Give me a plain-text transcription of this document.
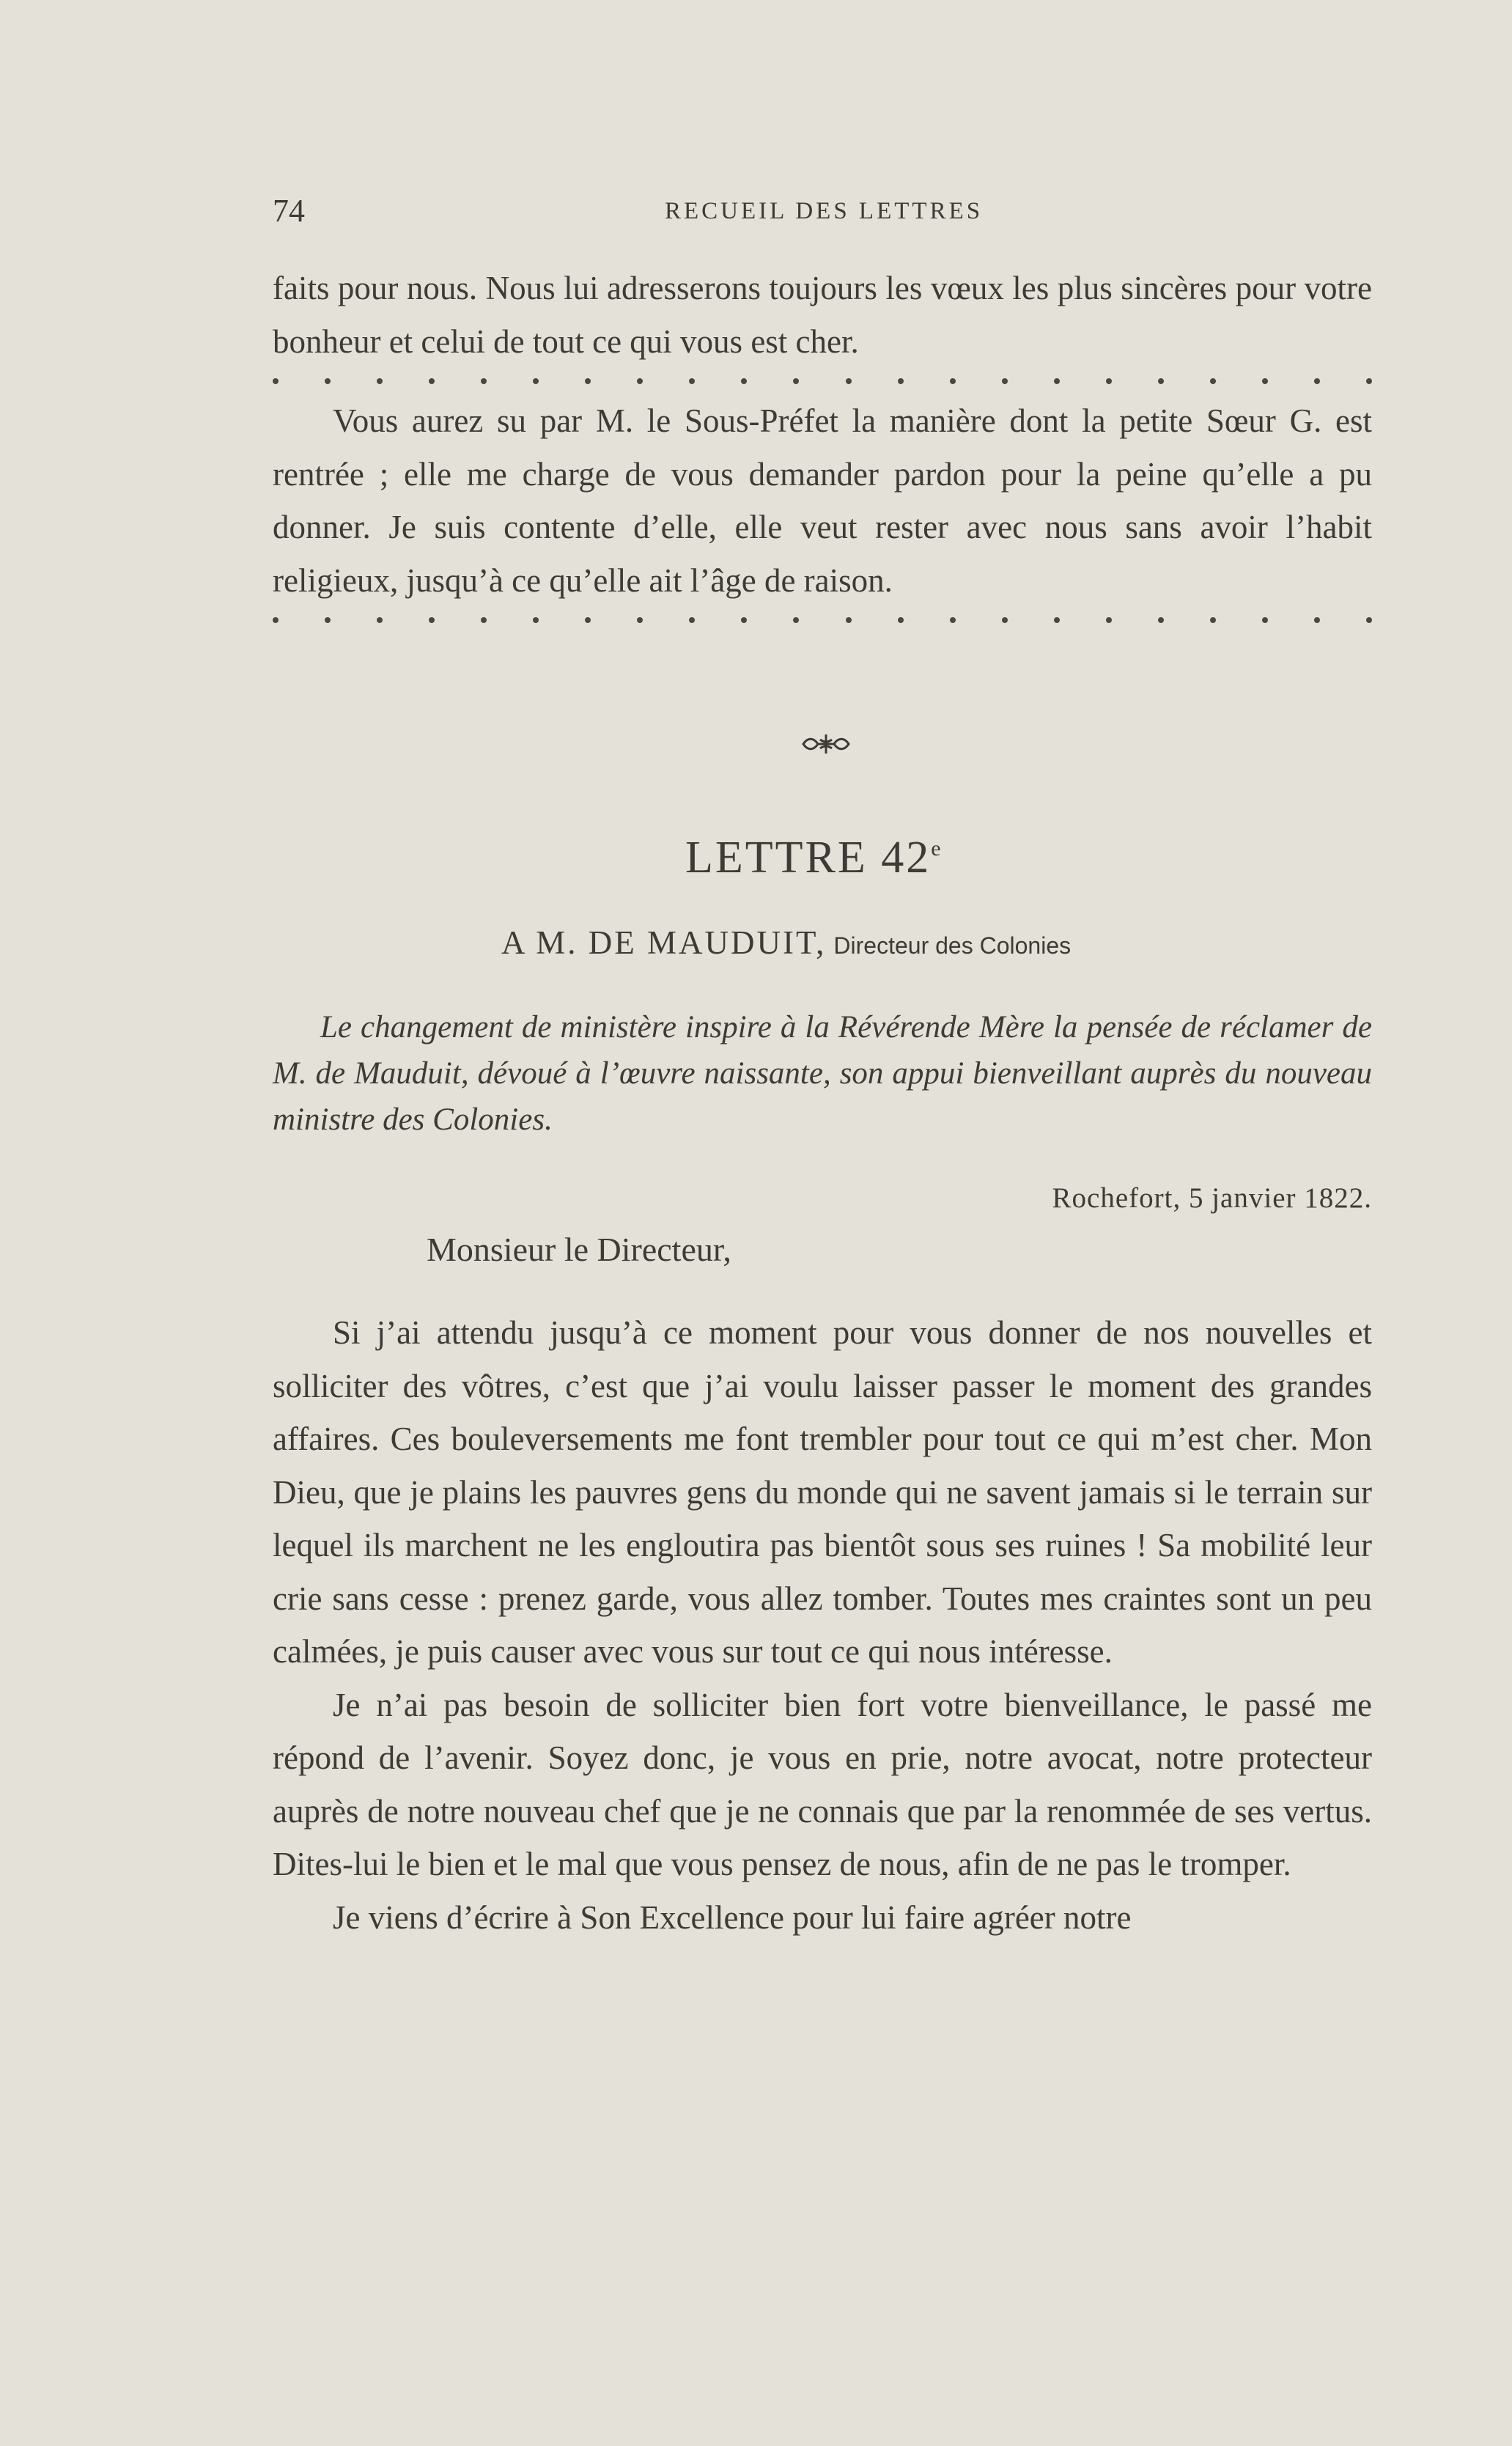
74	RECUEIL DES LETTRES

faits pour nous. Nous lui adresserons toujours les vœux les plus sincères pour votre bonheur et celui de tout ce qui vous est cher.

Vous aurez su par M. le Sous-Préfet la manière dont la petite Sœur G. est rentrée ; elle me charge de vous demander pardon pour la peine qu’elle a pu donner. Je suis contente d’elle, elle veut rester avec nous sans avoir l’habit religieux, jusqu’à ce qu’elle ait l’âge de raison.

LETTRE 42e
A M. DE MAUDUIT, Directeur des Colonies

Le changement de ministère inspire à la Révérende Mère la pensée de réclamer de M. de Mauduit, dévoué à l’œuvre naissante, son appui bienveillant auprès du nouveau ministre des Colonies.

Rochefort, 5 janvier 1822.
Monsieur le Directeur,

Si j’ai attendu jusqu’à ce moment pour vous donner de nos nouvelles et solliciter des vôtres, c’est que j’ai voulu laisser passer le moment des grandes affaires. Ces bouleversements me font trembler pour tout ce qui m’est cher. Mon Dieu, que je plains les pauvres gens du monde qui ne savent jamais si le terrain sur lequel ils marchent ne les engloutira pas bientôt sous ses ruines ! Sa mobilité leur crie sans cesse : prenez garde, vous allez tomber. Toutes mes craintes sont un peu calmées, je puis causer avec vous sur tout ce qui nous intéresse.

Je n’ai pas besoin de solliciter bien fort votre bienveillance, le passé me répond de l’avenir. Soyez donc, je vous en prie, notre avocat, notre protecteur auprès de notre nouveau chef que je ne connais que par la renommée de ses vertus. Dites-lui le bien et le mal que vous pensez de nous, afin de ne pas le tromper.

Je viens d’écrire à Son Excellence pour lui faire agréer notre
